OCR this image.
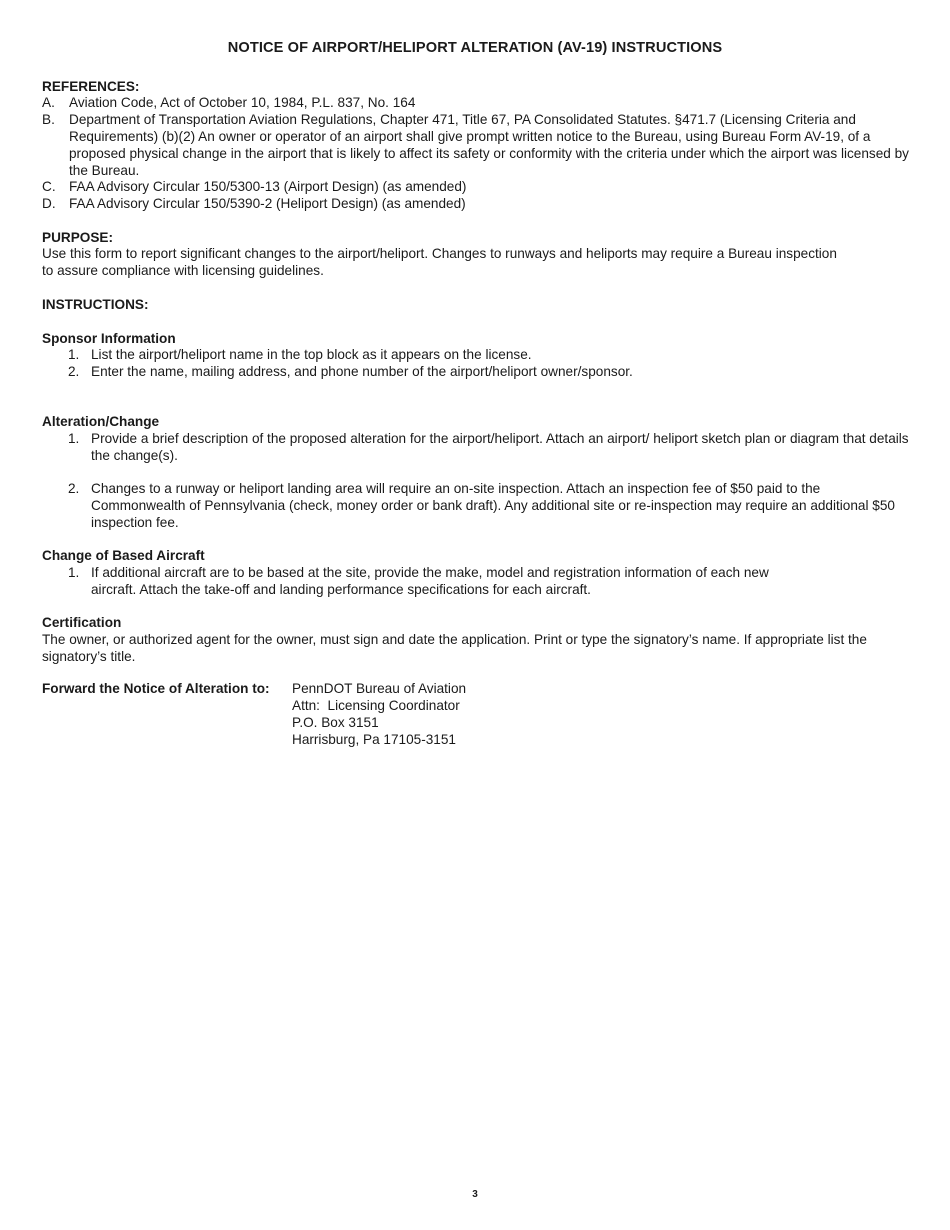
NOTICE OF AIRPORT/HELIPORT ALTERATION (AV-19) INSTRUCTIONS
REFERENCES:
A. Aviation Code, Act of October 10, 1984, P.L. 837, No. 164
B. Department of Transportation Aviation Regulations, Chapter 471, Title 67, PA Consolidated Statutes. §471.7 (Licensing Criteria and Requirements) (b)(2) An owner or operator of an airport shall give prompt written notice to the Bureau, using Bureau Form AV-19, of a proposed physical change in the airport that is likely to affect its safety or conformity with the criteria under which the airport was licensed by the Bureau.
C. FAA Advisory Circular 150/5300-13 (Airport Design) (as amended)
D. FAA Advisory Circular 150/5390-2 (Heliport Design) (as amended)
PURPOSE:
Use this form to report significant changes to the airport/heliport. Changes to runways and heliports may require a Bureau inspection
to assure compliance with licensing guidelines.
INSTRUCTIONS:
Sponsor Information
1. List the airport/heliport name in the top block as it appears on the license.
2. Enter the name, mailing address, and phone number of the airport/heliport owner/sponsor.
Alteration/Change
1. Provide a brief description of the proposed alteration for the airport/heliport. Attach an airport/ heliport sketch plan or diagram that details the change(s).
2. Changes to a runway or heliport landing area will require an on-site inspection. Attach an inspection fee of $50 paid to the Commonwealth of Pennsylvania (check, money order or bank draft). Any additional site or re-inspection may require an additional $50 inspection fee.
Change of Based Aircraft
1. If additional aircraft are to be based at the site, provide the make, model and registration information of each new
aircraft. Attach the take-off and landing performance specifications for each aircraft.
Certification
The owner, or authorized agent for the owner, must sign and date the application. Print or type the signatory’s name. If appropriate list the signatory’s title.
Forward the Notice of Alteration to: PennDOT Bureau of Aviation
Attn:  Licensing Coordinator
P.O. Box 3151
Harrisburg, Pa 17105-3151
3
